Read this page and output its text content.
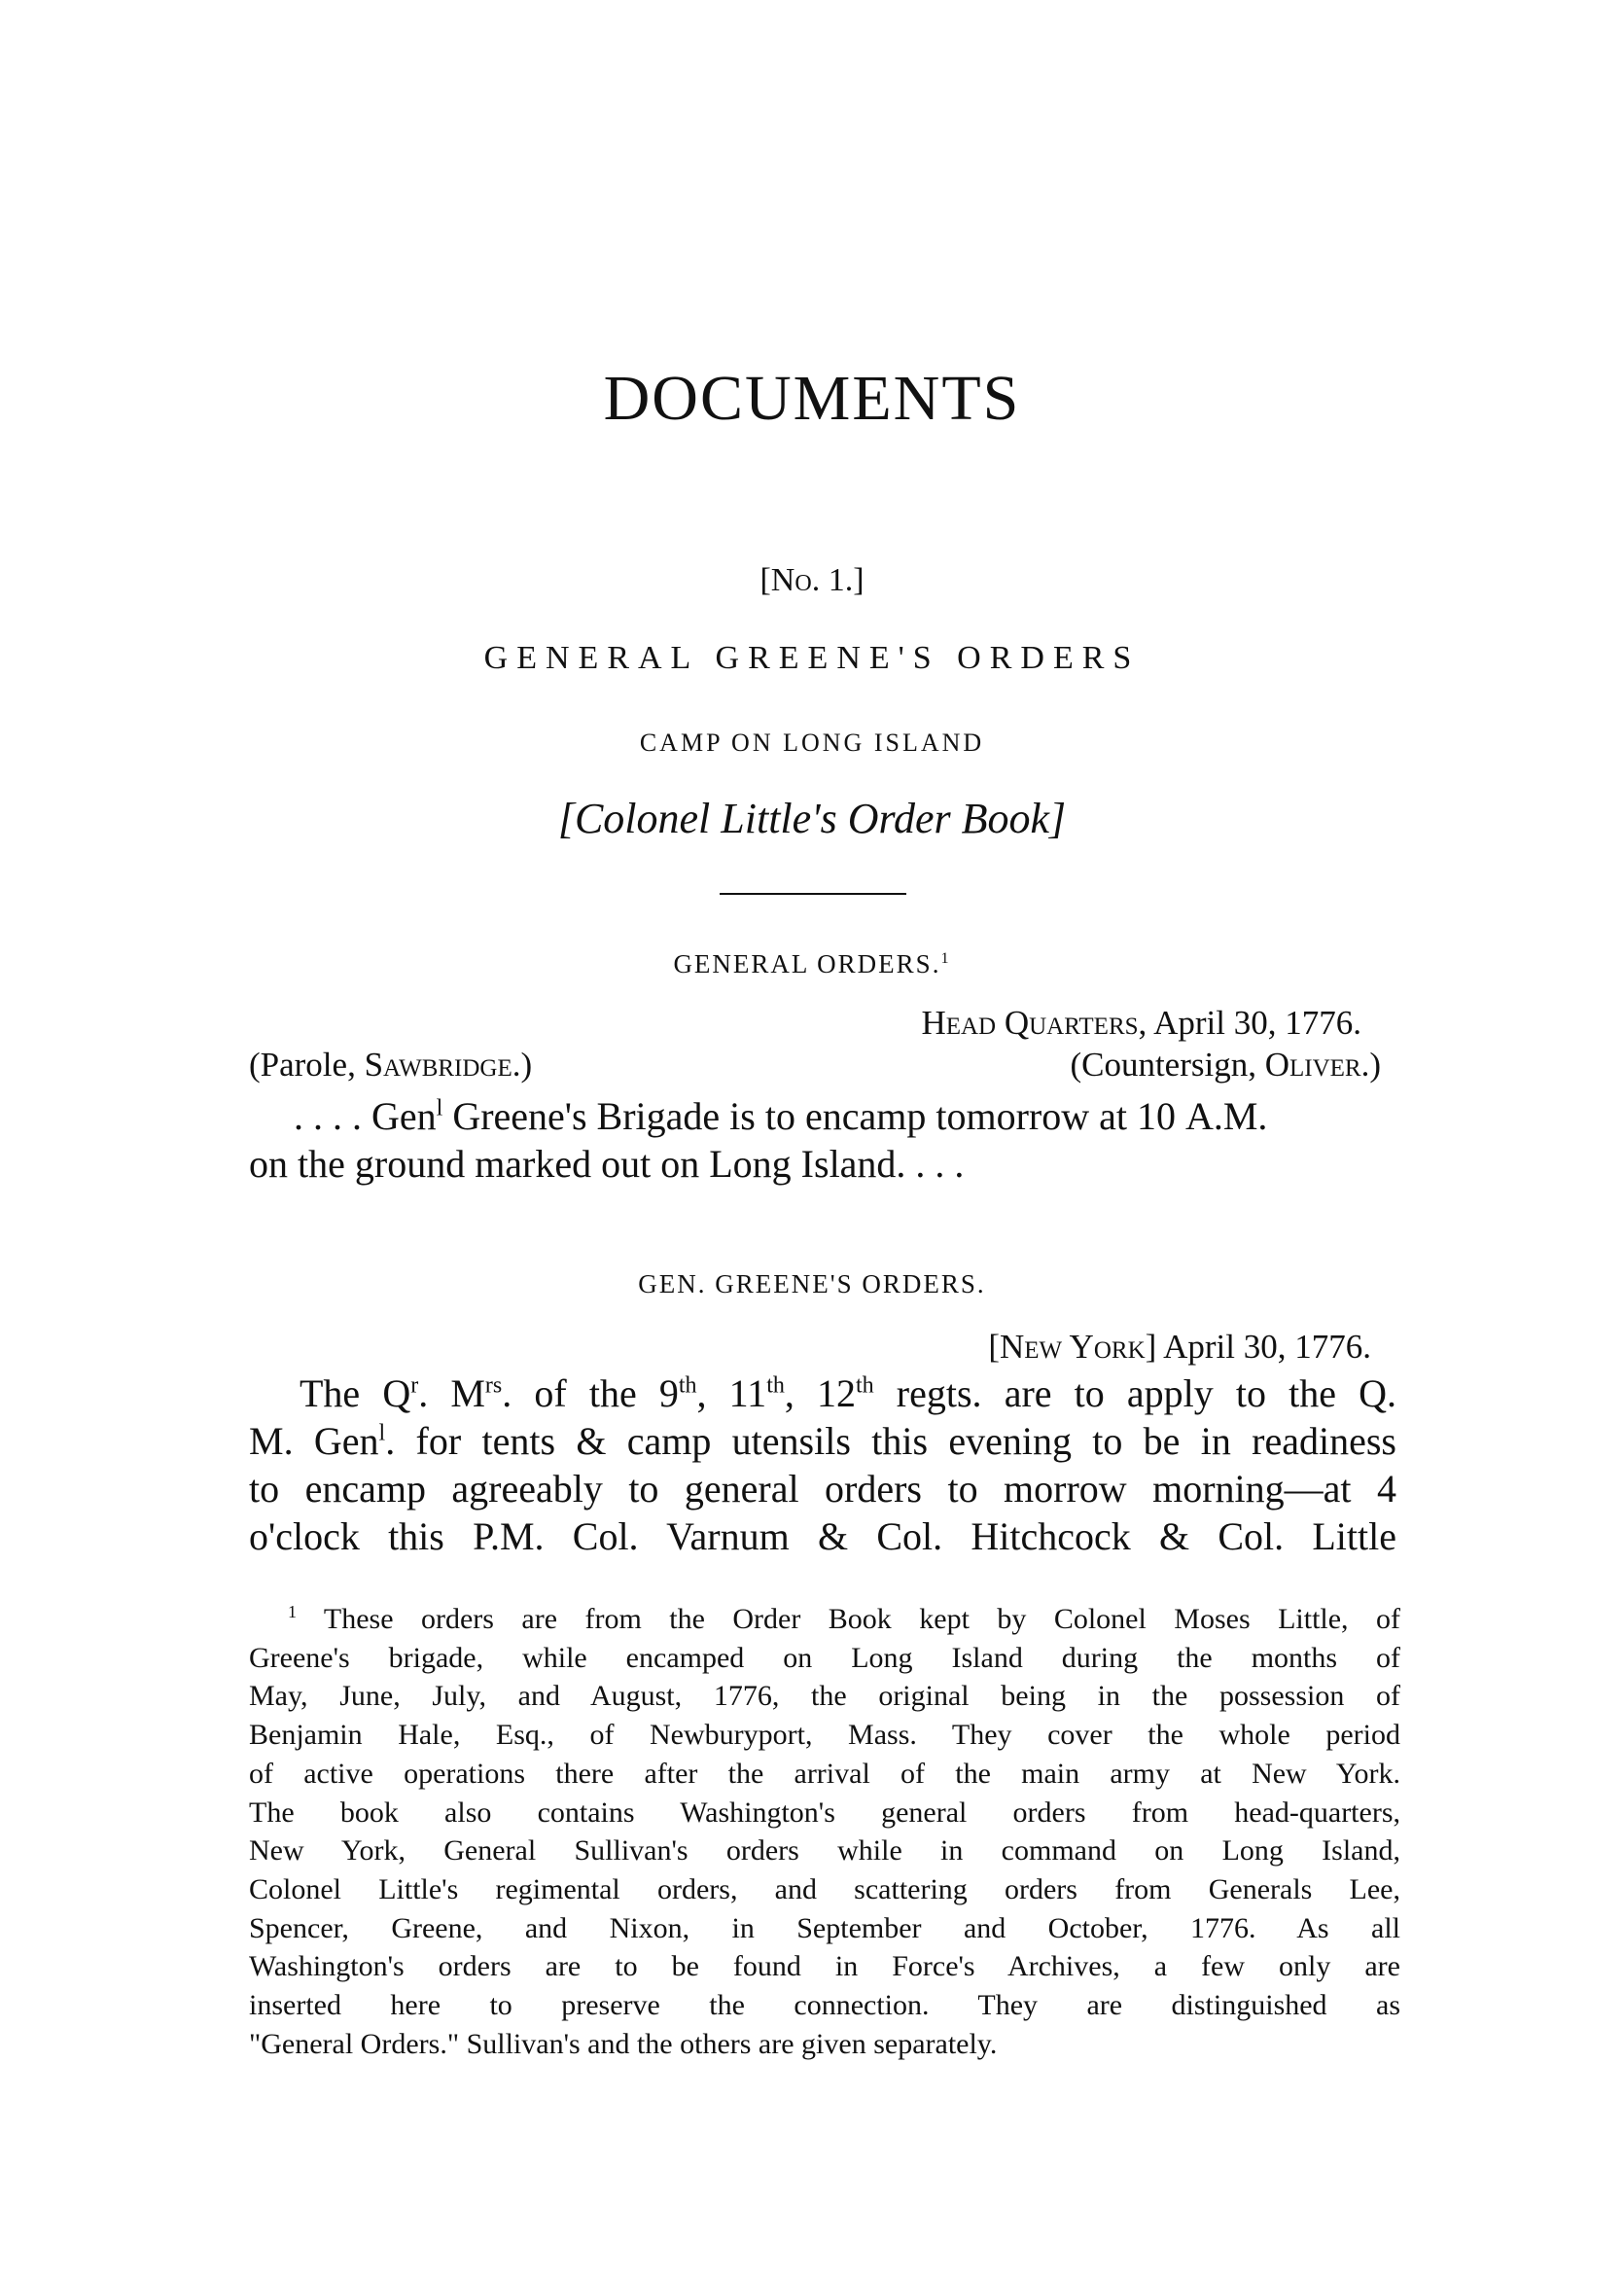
DOCUMENTS

[No. 1.]

GENERAL GREENE'S ORDERS

CAMP ON LONG ISLAND

[Colonel Little's Order Book]

GENERAL ORDERS.$^1$

Head Quarters, April 30, 1776.

(Parole, Sawbridge.)	(Countersign, Oliver.)

. . . . Gen$^l$ Greene's Brigade is to encamp tomorrow at 10 A.M.
on the ground marked out on Long Island. . . .

GEN. GREENE'S ORDERS.

[New York] April 30, 1776.

The $Q^r$. $M^{rs}$. of the 9th, 11th, 12th regts. are to apply to the Q.
M. Gen$^l$. for tents & camp utensils this evening to be in readiness
to encamp agreeably to general orders to morrow morning—at 4
o'clock this P.M. Col. Varnum & Col. Hitchcock & Col. Little
$^1$ These orders are from the Order Book kept by Colonel Moses Little, of
Greene's brigade, while encamped on Long Island during the months of
May, June, July, and August, 1776, the original being in the possession of
Benjamin Hale, Esq., of Newburyport, Mass. They cover the whole period
of active operations there after the arrival of the main army at New York.
The book also contains Washington's general orders from head-quarters,
New York, General Sullivan's orders while in command on Long Island,
Colonel Little's regimental orders, and scattering orders from Generals Lee,
Spencer, Greene, and Nixon, in September and October, 1776. As all
Washington's orders are to be found in Force's Archives, a few only are
inserted here to preserve the connection. They are distinguished as
"General Orders." Sullivan's and the others are given separately.
